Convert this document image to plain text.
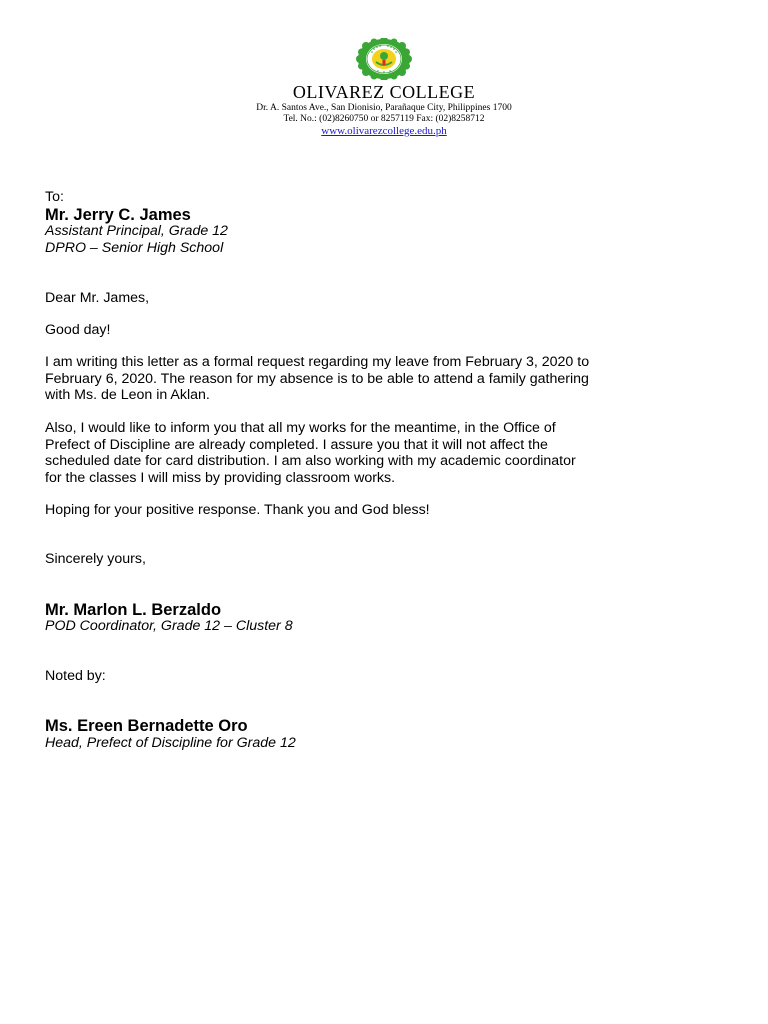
OLIVAREZ COLLEGE
Dr. A. Santos Ave., San Dionisio, Parañaque City, Philippines 1700
Tel. No.: (02)8260750 or 8257119 Fax: (02)8258712
www.olivarezcollege.edu.ph
To:
Mr. Jerry C. James
Assistant Principal, Grade 12
DPRO – Senior High School
Dear Mr. James,
Good day!
I am writing this letter as a formal request regarding my leave from February 3, 2020 to
February 6, 2020. The reason for my absence is to be able to attend a family gathering
with Ms. de Leon in Aklan.
Also, I would like to inform you that all my works for the meantime, in the Office of
Prefect of Discipline are already completed. I assure you that it will not affect the
scheduled date for card distribution. I am also working with my academic coordinator
for the classes I will miss by providing classroom works.
Hoping for your positive response. Thank you and God bless!
Sincerely yours,
Mr. Marlon L. Berzaldo
POD Coordinator, Grade 12 – Cluster 8
Noted by:
Ms. Ereen Bernadette Oro
Head, Prefect of Discipline for Grade 12
